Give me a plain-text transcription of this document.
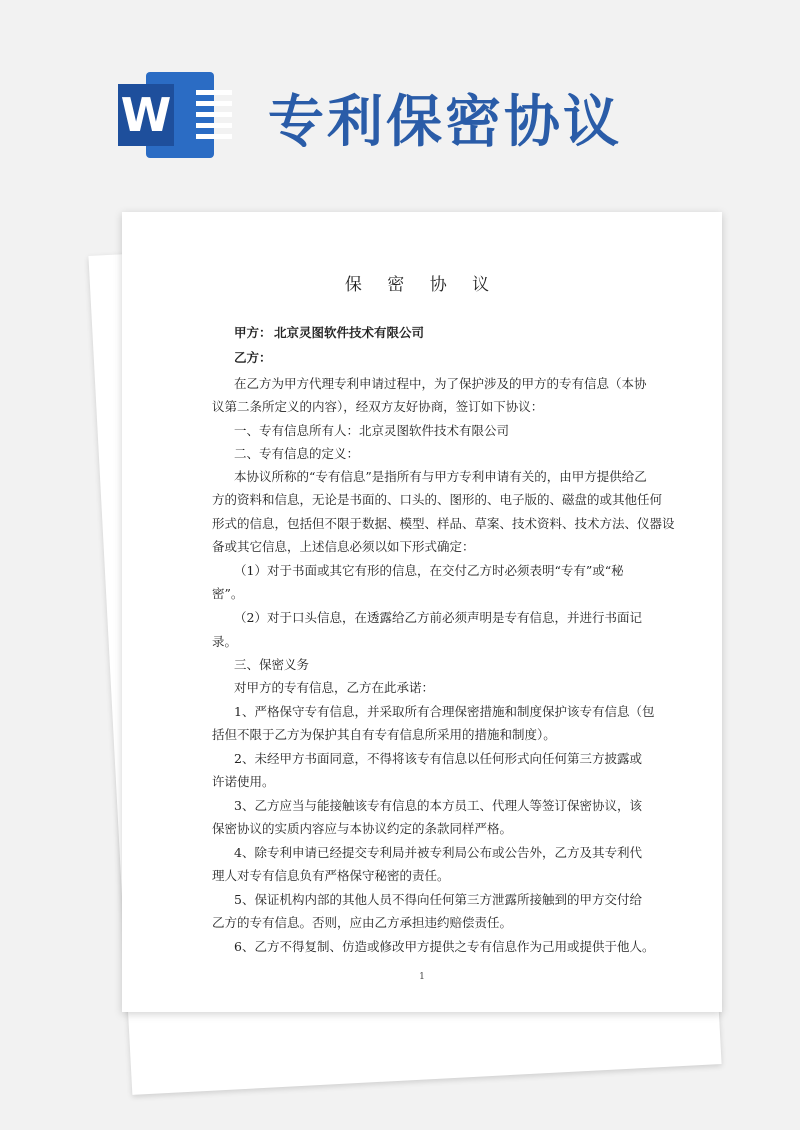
W 专利保密协议
保 密 协 议
甲方： 北京灵图软件技术有限公司
乙方：
在乙方为甲方代理专利申请过程中，为了保护涉及的甲方的专有信息（本协
议第二条所定义的内容），经双方友好协商，签订如下协议：
一、专有信息所有人：北京灵图软件技术有限公司
二、专有信息的定义：
本协议所称的“专有信息”是指所有与甲方专利申请有关的，由甲方提供给乙
方的资料和信息，无论是书面的、口头的、图形的、电子版的、磁盘的或其他任何
形式的信息，包括但不限于数据、模型、样品、草案、技术资料、技术方法、仪器设
备或其它信息，上述信息必须以如下形式确定：
（1）对于书面或其它有形的信息，在交付乙方时必须表明“专有”或“秘
密”。
（2）对于口头信息，在透露给乙方前必须声明是专有信息，并进行书面记
录。
三、保密义务
对甲方的专有信息，乙方在此承诺：
1、严格保守专有信息，并采取所有合理保密措施和制度保护该专有信息（包
括但不限于乙方为保护其自有专有信息所采用的措施和制度）。
2、未经甲方书面同意，不得将该专有信息以任何形式向任何第三方披露或
许诺使用。
3、乙方应当与能接触该专有信息的本方员工、代理人等签订保密协议，该
保密协议的实质内容应与本协议约定的条款同样严格。
4、除专利申请已经提交专利局并被专利局公布或公告外，乙方及其专利代
理人对专有信息负有严格保守秘密的责任。
5、保证机构内部的其他人员不得向任何第三方泄露所接触到的甲方交付给
乙方的专有信息。否则，应由乙方承担违约赔偿责任。
6、乙方不得复制、仿造或修改甲方提供之专有信息作为己用或提供于他人。
1
